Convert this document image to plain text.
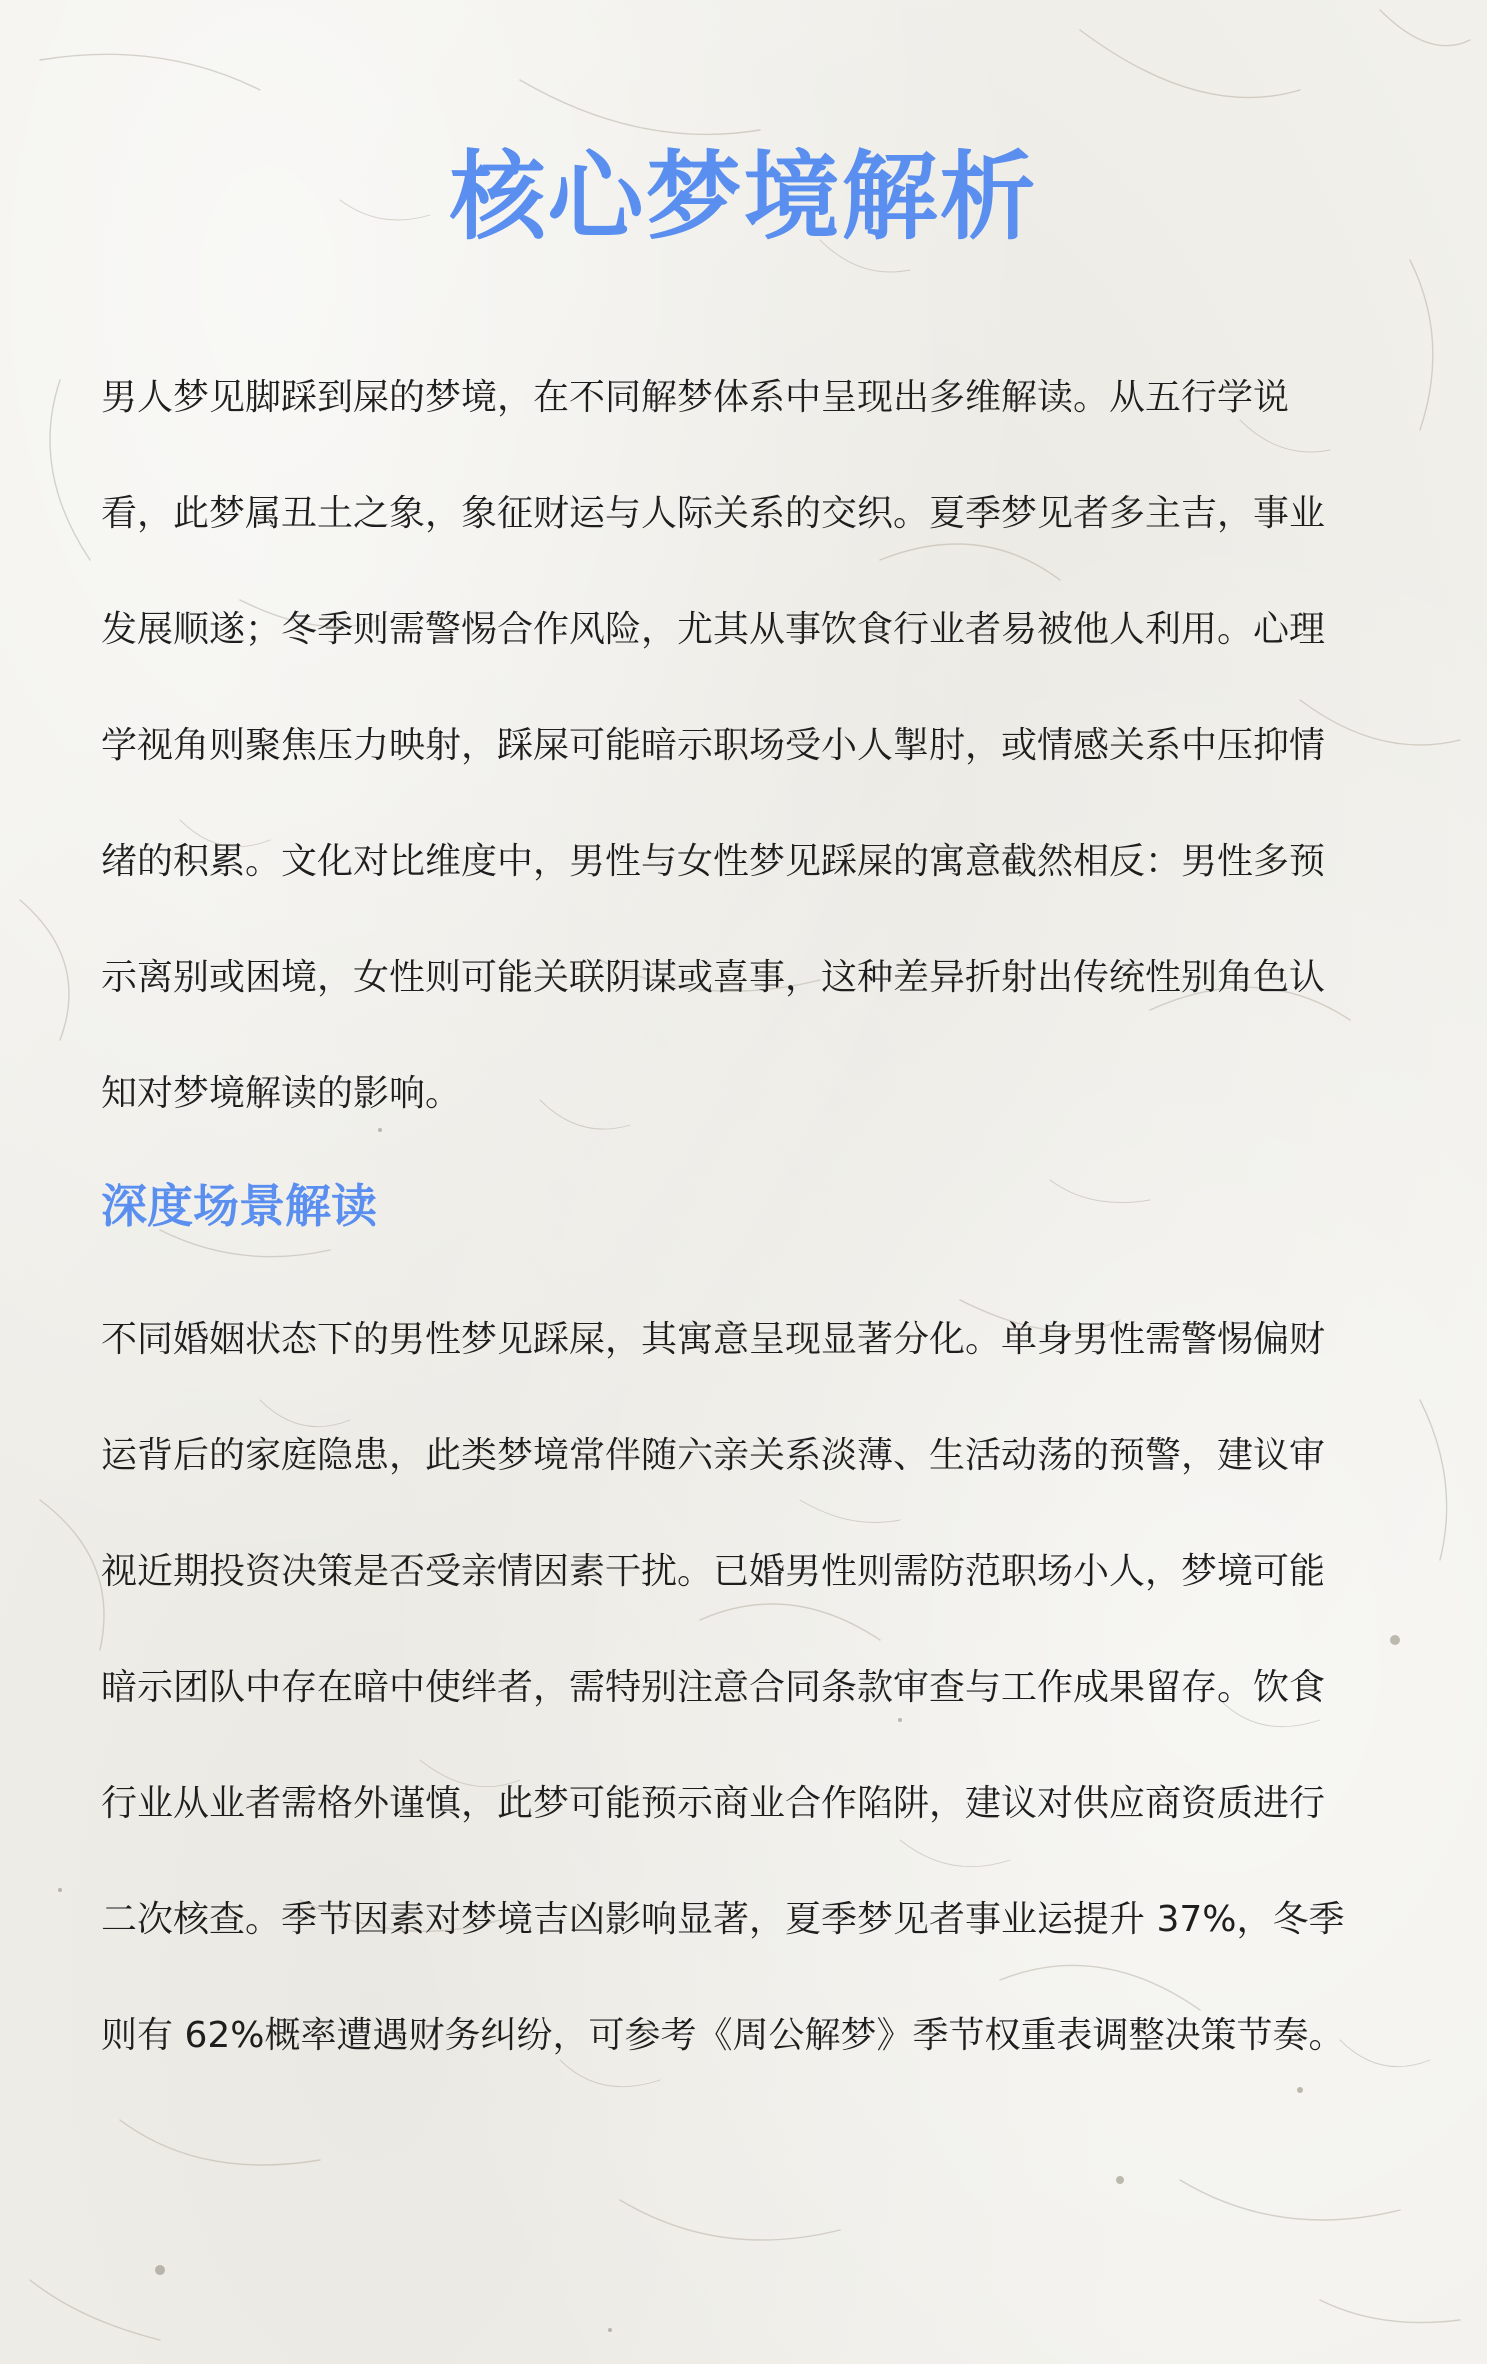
核心梦境解析
男人梦见脚踩到屎的梦境，在不同解梦体系中呈现出多维解读。从五行学说
看，此梦属丑土之象，象征财运与人际关系的交织。夏季梦见者多主吉，事业
发展顺遂；冬季则需警惕合作风险，尤其从事饮食行业者易被他人利用。心理
学视角则聚焦压力映射，踩屎可能暗示职场受小人掣肘，或情感关系中压抑情
绪的积累。文化对比维度中，男性与女性梦见踩屎的寓意截然相反：男性多预
示离别或困境，女性则可能关联阴谋或喜事，这种差异折射出传统性别角色认
知对梦境解读的影响。
深度场景解读
不同婚姻状态下的男性梦见踩屎，其寓意呈现显著分化。单身男性需警惕偏财
运背后的家庭隐患，此类梦境常伴随六亲关系淡薄、生活动荡的预警，建议审
视近期投资决策是否受亲情因素干扰。已婚男性则需防范职场小人，梦境可能
暗示团队中存在暗中使绊者，需特别注意合同条款审查与工作成果留存。饮食
行业从业者需格外谨慎，此梦可能预示商业合作陷阱，建议对供应商资质进行
二次核查。季节因素对梦境吉凶影响显著，夏季梦见者事业运提升 37%，冬季
则有 62%概率遭遇财务纠纷，可参考《周公解梦》季节权重表调整决策节奏。
